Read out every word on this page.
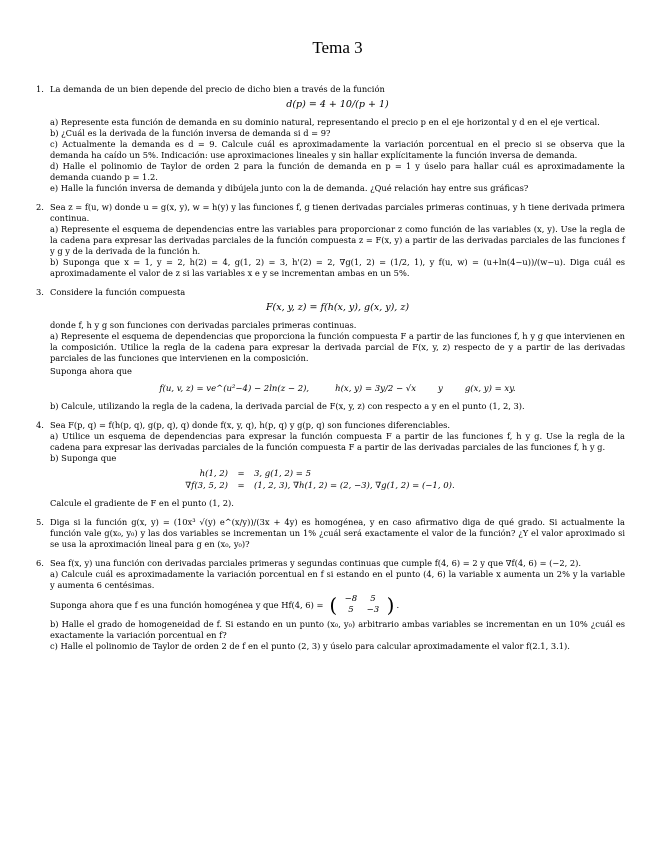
Tema 3
1. La demanda de un bien depende del precio de dicho bien a través de la función

d(p) = 4 + 10/(p + 1)

a) Represente esta función de demanda en su dominio natural, representando el precio p en el eje horizontal y d en el eje vertical.

b) ¿Cuál es la derivada de la función inversa de demanda si d = 9?

c) Actualmente la demanda es d = 9. Calcule cuál es aproximadamente la variación porcentual en el precio si se observa que la demanda ha caído un 5%. Indicación: use aproximaciones lineales y sin hallar explícitamente la función inversa de demanda.

d) Halle el polinomio de Taylor de orden 2 para la función de demanda en p = 1 y úselo para hallar cuál es aproximadamente la demanda cuando p = 1.2.

e) Halle la función inversa de demanda y dibújela junto con la de demanda. ¿Qué relación hay entre sus gráficas?

2. Sea z = f(u, w) donde u = g(x, y), w = h(y) y las funciones f, g tienen derivadas parciales primeras continuas, y h tiene derivada primera continua.

a) Represente el esquema de dependencias entre las variables para proporcionar z como función de las variables (x, y). Use la regla de la cadena para expresar las derivadas parciales de la función compuesta z = F(x, y) a partir de las derivadas parciales de las funciones f y g y de la derivada de la función h.

b) Suponga que x = 1, y = 2, h(2) = 4, g(1, 2) = 3, h'(2) = 2, ∇g(1, 2) = (1/2, 1), y f(u, w) = (u+ln(4−u))/(w−u). Diga cuál es aproximadamente el valor de z si las variables x e y se incrementan ambas en un 5%.

3. Considere la función compuesta

F(x, y, z) = f(h(x, y), g(x, y), z)

donde f, h y g son funciones con derivadas parciales primeras continuas.

a) Represente el esquema de dependencias que proporciona la función compuesta F a partir de las funciones f, h y g que intervienen en la composición. Utilice la regla de la cadena para expresar la derivada parcial de F(x, y, z) respecto de y a partir de las derivadas parciales de las funciones que intervienen en la composición.

Suponga ahora que

f(u, v, z) = ve^(u²−4) − 2ln(z − 2),	h(x, y) = 3y/2 − √x	y	g(x, y) = xy.

b) Calcule, utilizando la regla de la cadena, la derivada parcial de F(x, y, z) con respecto a y en el punto (1, 2, 3).

4. Sea F(p, q) = f(h(p, q), g(p, q), q) donde f(x, y, q), h(p, q) y g(p, q) son funciones diferenciables.

a) Utilice un esquema de dependencias para expresar la función compuesta F a partir de las funciones f, h y g. Use la regla de la cadena para expresar las derivadas parciales de la función compuesta F a partir de las derivadas parciales de las funciones f, h y g.

b) Suponga que

h(1, 2)	=	3, g(1, 2) = 5
∇f(3, 5, 2)	=	(1, 2, 3), ∇h(1, 2) = (2, −3), ∇g(1, 2) = (−1, 0).

Calcule el gradiente de F en el punto (1, 2).

5. Diga si la función g(x, y) = (10x³ √(y) e^(x/y))/(3x + 4y) es homogénea, y en caso afirmativo diga de qué grado. Si actualmente la función vale g(x₀, y₀) y las dos variables se incrementan un 1% ¿cuál será exactamente el valor de la función? ¿Y el valor aproximado si se usa la aproximación lineal para g en (x₀, y₀)?

6. Sea f(x, y) una función con derivadas parciales primeras y segundas continuas que cumple f(4, 6) = 2 y que ∇f(4, 6) = (−2, 2).

a) Calcule cuál es aproximadamente la variación porcentual en f si estando en el punto (4, 6) la variable x aumenta un 2% y la variable y aumenta 6 centésimas.

Suponga ahora que f es una función homogénea y que Hf(4, 6) = ( −8	5
5	−3 ) .

b) Halle el grado de homogeneidad de f. Si estando en un punto (x₀, y₀) arbitrario ambas variables se incrementan en un 10% ¿cuál es exactamente la variación porcentual en f?

c) Halle el polinomio de Taylor de orden 2 de f en el punto (2, 3) y úselo para calcular aproximadamente el valor f(2.1, 3.1).
